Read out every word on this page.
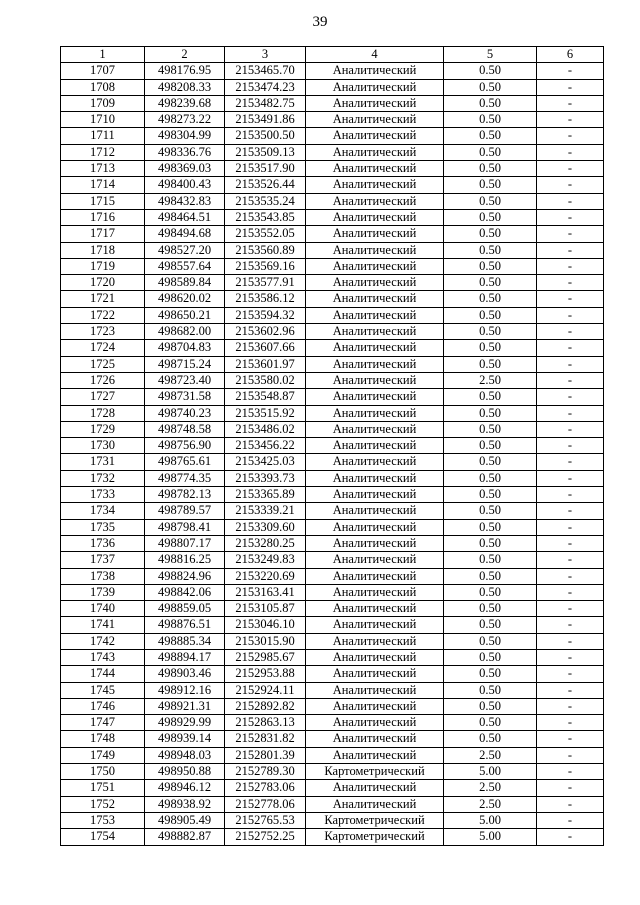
39
1	2	3	4	5	6
1707	498176.95	2153465.70	Аналитический	0.50	-
1708	498208.33	2153474.23	Аналитический	0.50	-
1709	498239.68	2153482.75	Аналитический	0.50	-
1710	498273.22	2153491.86	Аналитический	0.50	-
1711	498304.99	2153500.50	Аналитический	0.50	-
1712	498336.76	2153509.13	Аналитический	0.50	-
1713	498369.03	2153517.90	Аналитический	0.50	-
1714	498400.43	2153526.44	Аналитический	0.50	-
1715	498432.83	2153535.24	Аналитический	0.50	-
1716	498464.51	2153543.85	Аналитический	0.50	-
1717	498494.68	2153552.05	Аналитический	0.50	-
1718	498527.20	2153560.89	Аналитический	0.50	-
1719	498557.64	2153569.16	Аналитический	0.50	-
1720	498589.84	2153577.91	Аналитический	0.50	-
1721	498620.02	2153586.12	Аналитический	0.50	-
1722	498650.21	2153594.32	Аналитический	0.50	-
1723	498682.00	2153602.96	Аналитический	0.50	-
1724	498704.83	2153607.66	Аналитический	0.50	-
1725	498715.24	2153601.97	Аналитический	0.50	-
1726	498723.40	2153580.02	Аналитический	2.50	-
1727	498731.58	2153548.87	Аналитический	0.50	-
1728	498740.23	2153515.92	Аналитический	0.50	-
1729	498748.58	2153486.02	Аналитический	0.50	-
1730	498756.90	2153456.22	Аналитический	0.50	-
1731	498765.61	2153425.03	Аналитический	0.50	-
1732	498774.35	2153393.73	Аналитический	0.50	-
1733	498782.13	2153365.89	Аналитический	0.50	-
1734	498789.57	2153339.21	Аналитический	0.50	-
1735	498798.41	2153309.60	Аналитический	0.50	-
1736	498807.17	2153280.25	Аналитический	0.50	-
1737	498816.25	2153249.83	Аналитический	0.50	-
1738	498824.96	2153220.69	Аналитический	0.50	-
1739	498842.06	2153163.41	Аналитический	0.50	-
1740	498859.05	2153105.87	Аналитический	0.50	-
1741	498876.51	2153046.10	Аналитический	0.50	-
1742	498885.34	2153015.90	Аналитический	0.50	-
1743	498894.17	2152985.67	Аналитический	0.50	-
1744	498903.46	2152953.88	Аналитический	0.50	-
1745	498912.16	2152924.11	Аналитический	0.50	-
1746	498921.31	2152892.82	Аналитический	0.50	-
1747	498929.99	2152863.13	Аналитический	0.50	-
1748	498939.14	2152831.82	Аналитический	0.50	-
1749	498948.03	2152801.39	Аналитический	2.50	-
1750	498950.88	2152789.30	Картометрический	5.00	-
1751	498946.12	2152783.06	Аналитический	2.50	-
1752	498938.92	2152778.06	Аналитический	2.50	-
1753	498905.49	2152765.53	Картометрический	5.00	-
1754	498882.87	2152752.25	Картометрический	5.00	-
